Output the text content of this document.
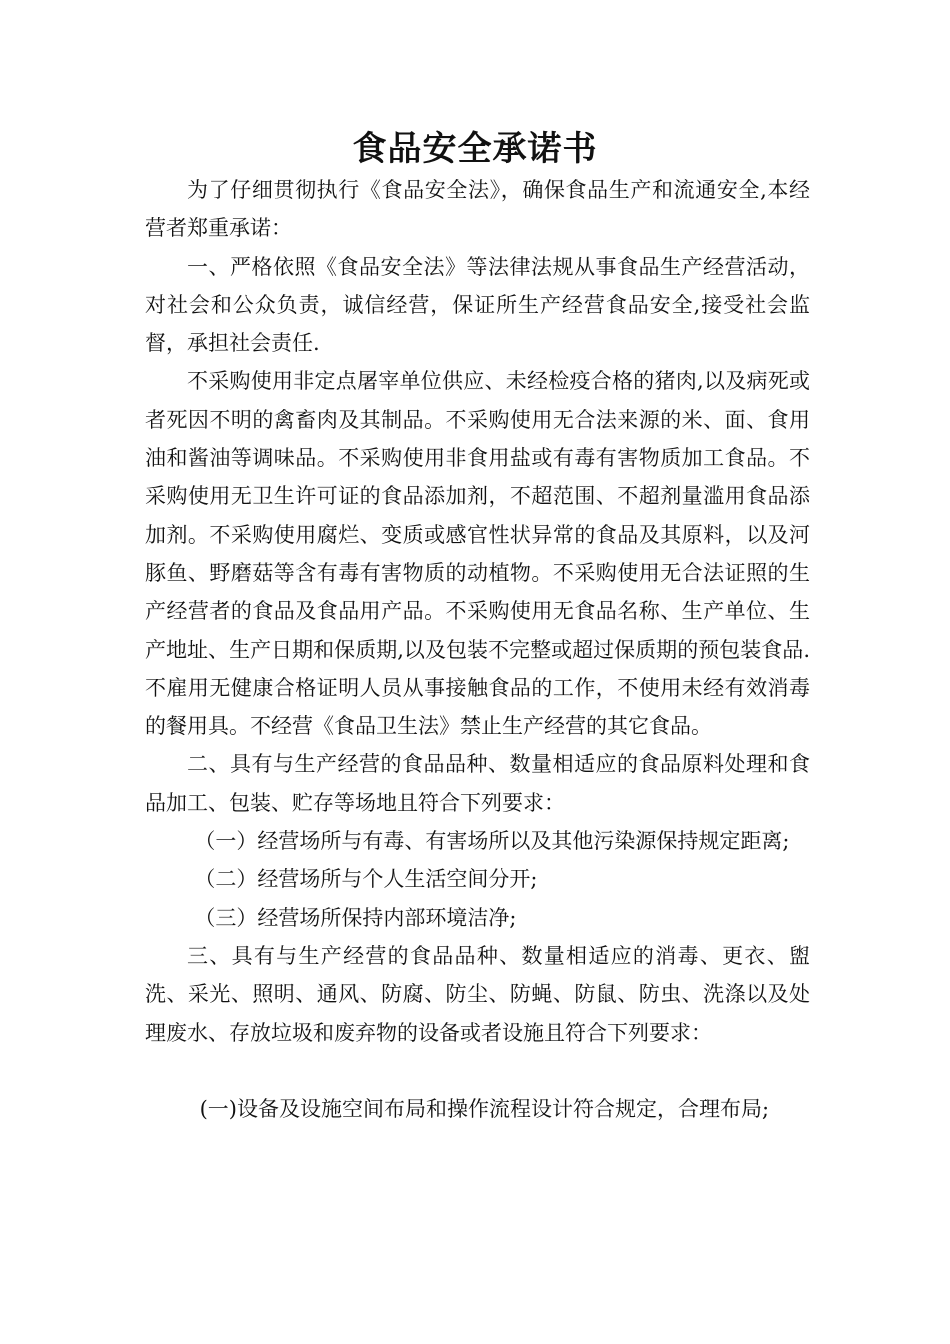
食品安全承诺书

为了仔细贯彻执行《食品安全法》，确保食品生产和流通安全,本经营者郑重承诺：

一、严格依照《食品安全法》等法律法规从事食品生产经营活动，对社会和公众负责，诚信经营，保证所生产经营食品安全,接受社会监督，承担社会责任.

不采购使用非定点屠宰单位供应、未经检疫合格的猪肉,以及病死或者死因不明的禽畜肉及其制品。不采购使用无合法来源的米、面、食用油和酱油等调味品。不采购使用非食用盐或有毒有害物质加工食品。不采购使用无卫生许可证的食品添加剂，不超范围、不超剂量滥用食品添加剂。不采购使用腐烂、变质或感官性状异常的食品及其原料，以及河豚鱼、野磨菇等含有毒有害物质的动植物。不采购使用无合法证照的生产经营者的食品及食品用产品。不采购使用无食品名称、生产单位、生产地址、生产日期和保质期,以及包装不完整或超过保质期的预包装食品.不雇用无健康合格证明人员从事接触食品的工作，不使用未经有效消毒的餐用具。不经营《食品卫生法》禁止生产经营的其它食品。

二、具有与生产经营的食品品种、数量相适应的食品原料处理和食品加工、包装、贮存等场地且符合下列要求：

（一）经营场所与有毒、有害场所以及其他污染源保持规定距离;

（二）经营场所与个人生活空间分开;

（三）经营场所保持内部环境洁净;

三、具有与生产经营的食品品种、数量相适应的消毒、更衣、盥洗、采光、照明、通风、防腐、防尘、防蝇、防鼠、防虫、洗涤以及处理废水、存放垃圾和废弃物的设备或者设施且符合下列要求：

(一)设备及设施空间布局和操作流程设计符合规定，合理布局;
